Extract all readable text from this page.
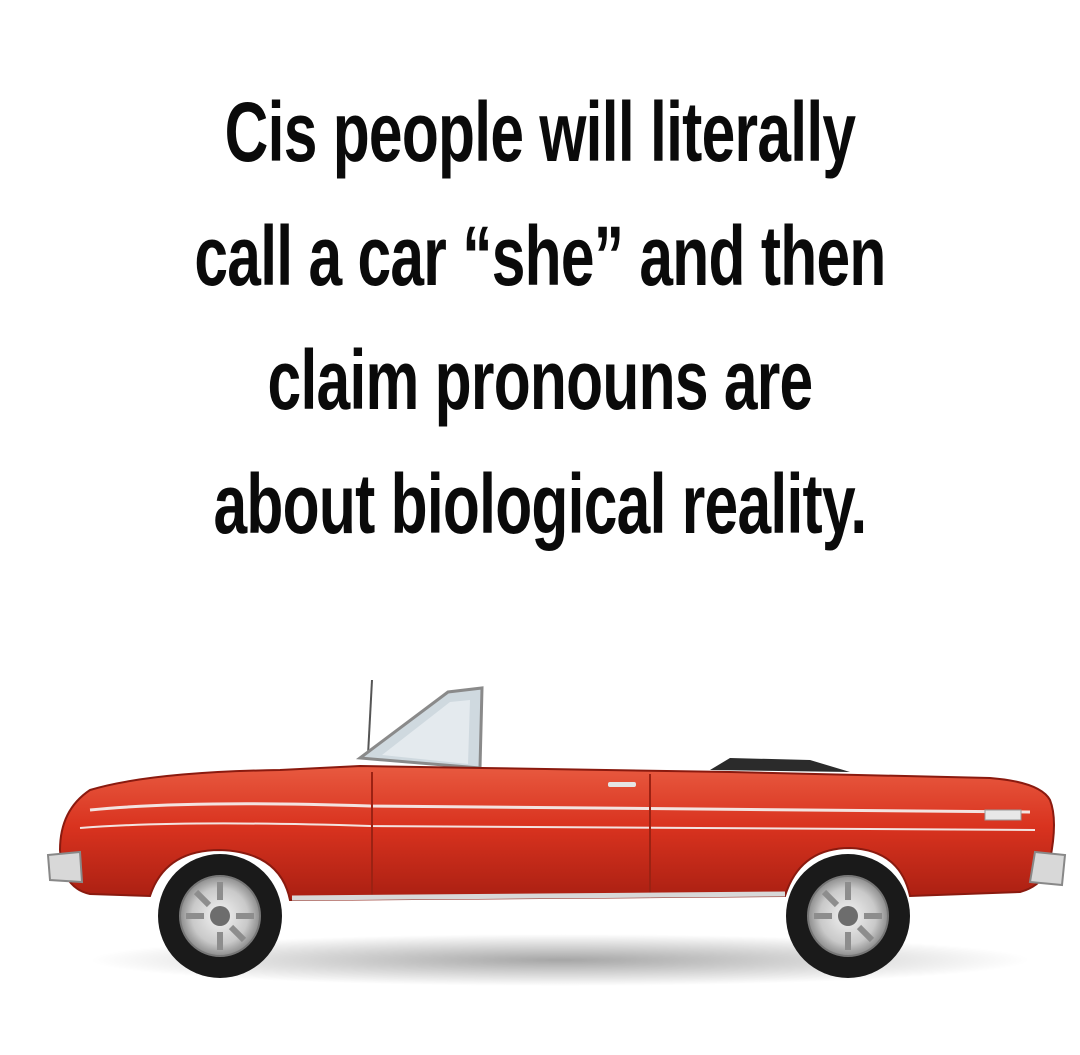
Cis people will literally
call a car “she” and then
claim pronouns are
about biological reality.
